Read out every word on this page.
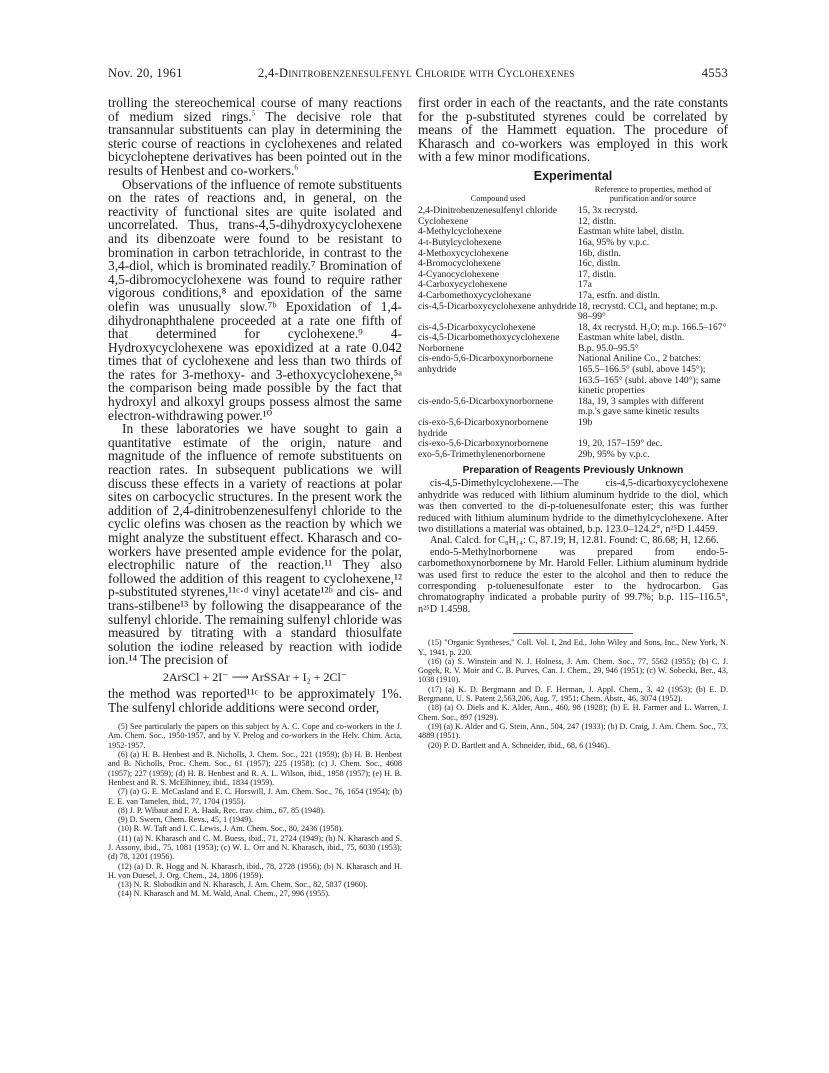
Nov. 20, 1961	2,4-Dinitrobenzenesulfenyl Chloride with Cyclohexenes	4553

trolling the stereochemical course of many reactions of medium sized rings.$^5$ The decisive role that transannular substituents can play in determining the steric course of reactions in cyclohexenes and related bicycloheptene derivatives has been pointed out in the results of Henbest and co-workers.$^6$

Observations of the influence of remote substituents on the rates of reactions and, in general, on the reactivity of functional sites are quite isolated and uncorrelated. Thus, trans-4,5-dihydroxycyclohexene and its dibenzoate were found to be resistant to bromination in carbon tetrachloride, in contrast to the 3,4-diol, which is brominated readily.⁷ Bromination of 4,5-dibromocyclohexene was found to require rather vigorous conditions,⁸ and epoxidation of the same olefin was unusually slow.⁷ᵇ Epoxidation of 1,4-dihydronaphthalene proceeded at a rate one fifth of that determined for cyclohexene.⁹ 4-Hydroxycyclohexene was epoxidized at a rate 0.042 times that of cyclohexene and less than two thirds of the rates for 3-methoxy- and 3-ethoxycyclohexene,⁵ᵃ the comparison being made possible by the fact that hydroxyl and alkoxyl groups possess almost the same electron-withdrawing power.¹⁰

In these laboratories we have sought to gain a quantitative estimate of the origin, nature and magnitude of the influence of remote substituents on reaction rates. In subsequent publications we will discuss these effects in a variety of reactions at polar sites on carbocyclic structures. In the present work the addition of 2,4-dinitrobenzenesulfenyl chloride to the cyclic olefins was chosen as the reaction by which we might analyze the substituent effect. Kharasch and co-workers have presented ample evidence for the polar, electrophilic nature of the reaction.¹¹ They also followed the addition of this reagent to cyclohexene,¹² p-substituted styrenes,¹¹ᶜ·ᵈ vinyl acetate¹²ᵇ and cis- and trans-stilbene¹³ by following the disappearance of the sulfenyl chloride. The remaining sulfenyl chloride was measured by titrating with a standard thiosulfate solution the iodine released by reaction with iodide ion.¹⁴ The precision of

2ArSCl + 2I⁻ ⟶ ArSSAr + I₂ + 2Cl⁻

the method was reported¹¹ᶜ to be approximately 1%. The sulfenyl chloride additions were second order,

(5) See particularly the papers on this subject by A. C. Cope and co-workers in the J. Am. Chem. Soc., 1950-1957, and by V. Prelog and co-workers in the Helv. Chim. Acta, 1952-1957.

(6) (a) H. B. Henbest and B. Nicholls, J. Chem. Soc., 221 (1959); (b) H. B. Henbest and B. Nicholls, Proc. Chem. Soc., 61 (1957); 225 (1958); (c) J. Chem. Soc., 4608 (1957); 227 (1959); (d) H. B. Henbest and R. A. L. Wilson, ibid., 1958 (1957); (e) H. B. Henbest and R. S. McElhinney, ibid., 1834 (1959).

(7) (a) G. E. McCasland and E. C. Horswill, J. Am. Chem. Soc., 76, 1654 (1954); (b) E. E. van Tamelen, ibid., 77, 1704 (1955).

(8) J. P. Wibaut and F. A. Haak, Rec. trav. chim., 67, 85 (1948).

(9) D. Swern, Chem. Revs., 45, 1 (1949).

(10) R. W. Taft and I. C. Lewis, J. Am. Chem. Soc., 80, 2436 (1958).

(11) (a) N. Kharasch and C. M. Buess, ibid., 71, 2724 (1949); (b) N. Kharasch and S. J. Assony, ibid., 75, 1081 (1953); (c) W. L. Orr and N. Kharasch, ibid., 75, 6030 (1953); (d) 78, 1201 (1956).

(12) (a) D. R. Hogg and N. Kharasch, ibid., 78, 2728 (1956); (b) N. Kharasch and H. H. von Duesel, J. Org. Chem., 24, 1806 (1959).

(13) N. R. Slobodkin and N. Kharasch, J. Am. Chem. Soc., 82, 5837 (1960).

(14) N. Kharasch and M. M. Wald, Anal. Chem., 27, 996 (1955).

first order in each of the reactants, and the rate constants for the p-substituted styrenes could be correlated by means of the Hammett equation. The procedure of Kharasch and co-workers was employed in this work with a few minor modifications.

Experimental
Compound used	Reference to properties, method of purification and/or source
2,4-Dinitrobenzenesulfenyl chloride	15, 3x recrystd.
Cyclohexene	12, distln.
4-Methylcyclohexene	Eastman white label, distln.
4-t-Butylcyclohexene	16a, 95% by v.p.c.
4-Methoxycyclohexene	16b, distln.
4-Bromocyclohexene	16c, distln.
4-Cyanocyclohexene	17, distln.
4-Carboxycyclohexene	17a
4-Carbomethoxycyclohexane	17a, estfn. and distln.
cis-4,5-Dicarboxycyclohexene anhydride	18, recrystd. CCl₄ and heptane; m.p. 98–99°
cis-4,5-Dicarboxycyclohexene	18, 4x recrystd. H₂O; m.p. 166.5–167°
cis-4,5-Dicarbomethoxycyclohexene	Eastman white label, distln.
Norbornene	B.p. 95.0–95.5°
cis-endo-5,6-Dicarboxynorbornene anhydride	National Aniline Co., 2 batches: 165.5–166.5° (subl. above 145°); 163.5–165° (subl. above 140°); same kinetic properties
cis-endo-5,6-Dicarboxynorbornene	18a, 19, 3 samples with different m.p.'s gave same kinetic results
cis-exo-5,6-Dicarboxynorbornene hydride	19b
cis-exo-5,6-Dicarboxynorbornene	19, 20, 157–159° dec.
exo-5,6-Trimethylenenorbornene	29b, 95% by v.p.c.
Preparation of Reagents Previously Unknown

cis-4,5-Dimethylcyclohexene.—The cis-4,5-dicarboxycyclohexene anhydride was reduced with lithium aluminum hydride to the diol, which was then converted to the di-p-toluenesulfonate ester; this was further reduced with lithium aluminum hydride to the dimethylcyclohexene. After two distillations a material was obtained, b.p. 123.0–124.2°, n²⁵D 1.4459.

Anal. Calcd. for C₈H₁₄: C, 87.19; H, 12.81. Found: C, 86.68; H, 12.66.

endo-5-Methylnorbornene was prepared from endo-5-carbomethoxynorbornene by Mr. Harold Feller. Lithium aluminum hydride was used first to reduce the ester to the alcohol and then to reduce the corresponding p-toluenesulfonate ester to the hydrocarbon. Gas chromatography indicated a probable purity of 99.7%; b.p. 115–116.5°, n²⁵D 1.4598.

(15) "Organic Syntheses," Coll. Vol. I, 2nd Ed., John Wiley and Sons, Inc., New York, N. Y., 1941, p. 220.

(16) (a) S. Winstein and N. J. Holness, J. Am. Chem. Soc., 77, 5562 (1955); (b) C. J. Gogek, R. V. Moir and C. B. Purves, Can. J. Chem., 29, 946 (1951); (c) W. Sobecki, Ber., 43, 1038 (1910).

(17) (a) K. D. Bergmann and D. F. Herman, J. Appl. Chem., 3, 42 (1953); (b) E. D. Bergmann, U. S. Patent 2,563,206, Aug. 7, 1951; Chem. Abstr., 46, 3074 (1952).

(18) (a) O. Diels and K. Alder, Ann., 460, 98 (1928); (b) E. H. Farmer and L. Warren, J. Chem. Soc., 897 (1929).

(19) (a) K. Alder and G. Stein, Ann., 504, 247 (1933); (b) D. Craig, J. Am. Chem. Soc., 73, 4889 (1951).

(20) P. D. Bartlett and A. Schneider, ibid., 68, 6 (1946).
